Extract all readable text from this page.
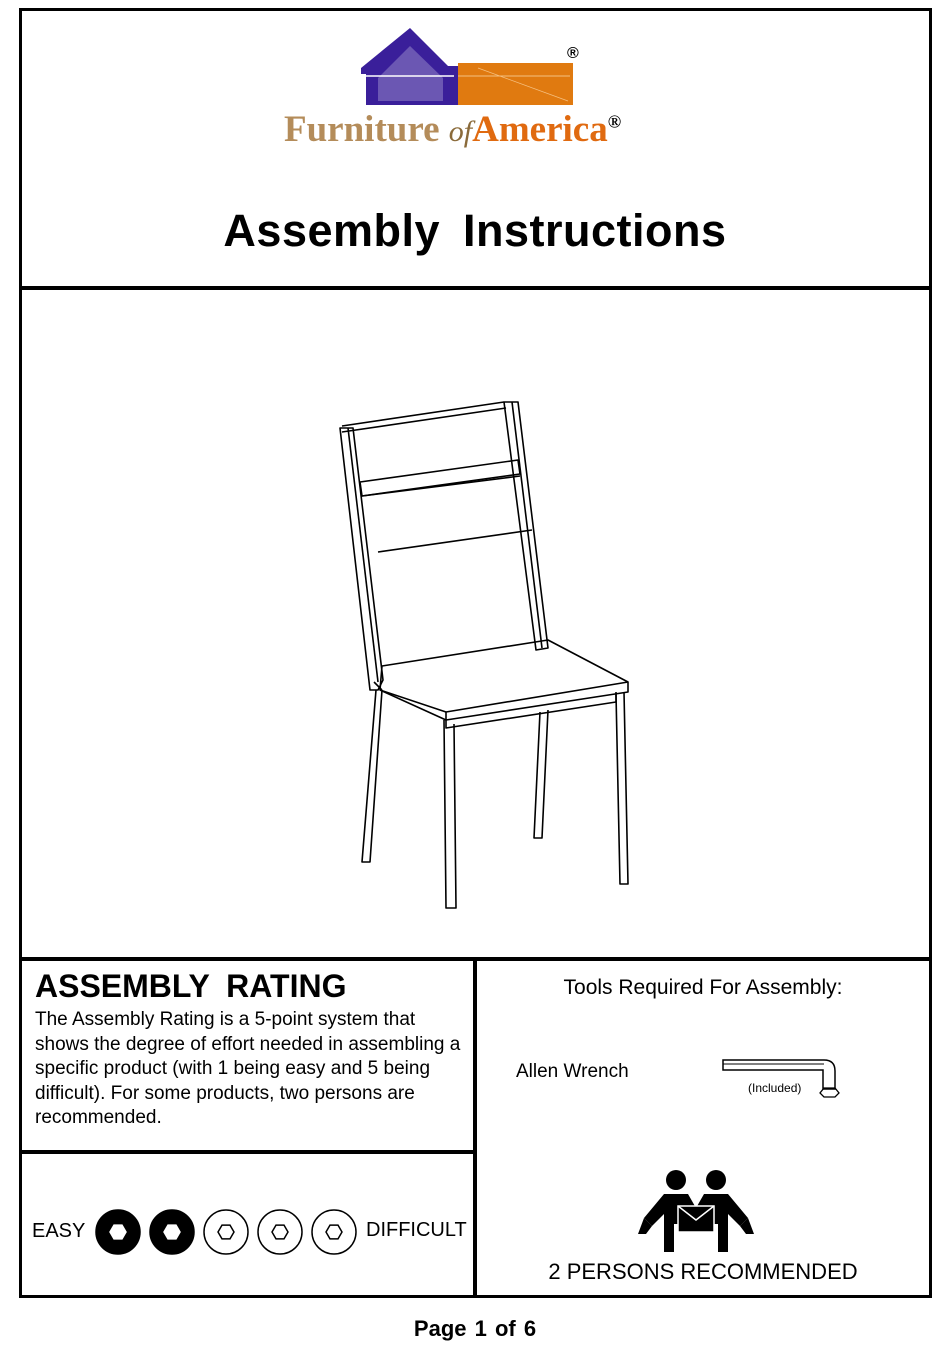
®
Furniture ofAmerica®
Assembly Instructions
ASSEMBLY RATING
The Assembly Rating is a 5-point system that shows the degree of effort needed in assembling a specific product (with 1 being easy and 5 being difficult). For some products, two persons are recommended.
EASY	DIFFICULT
Tools Required For Assembly:
Allen Wrench
(Included)
2 PERSONS RECOMMENDED
Page 1 of 6
